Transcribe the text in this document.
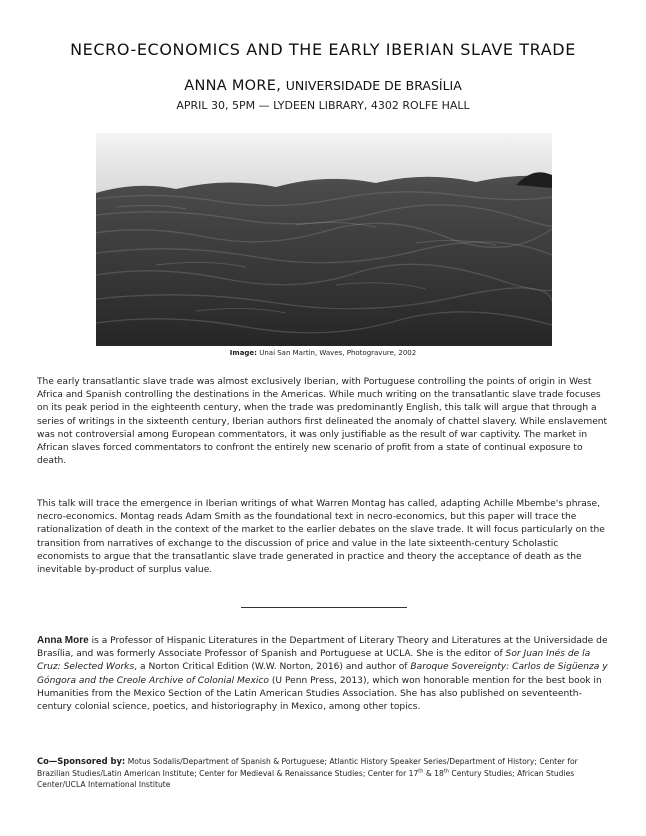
NECRO-ECONOMICS AND THE EARLY IBERIAN SLAVE TRADE
ANNA MORE, UNIVERSIDADE DE BRASÍLIA
APRIL 30, 5PM — LYDEEN LIBRARY, 4302 ROLFE HALL
Image: Unai San Martin, Waves, Photogravure, 2002

The early transatlantic slave trade was almost exclusively Iberian, with Portuguese controlling the points of origin in West Africa and Spanish controlling the destinations in the Americas. While much writing on the transatlantic slave trade focuses on its peak period in the eighteenth century, when the trade was predominantly English, this talk will argue that through a series of writings in the sixteenth century, Iberian authors first delineated the anomaly of chattel slavery. While enslavement was not controversial among European commentators, it was only justifiable as the result of war captivity. The market in African slaves forced commentators to confront the entirely new scenario of profit from a state of continual exposure to death.

This talk will trace the emergence in Iberian writings of what Warren Montag has called, adapting Achille Mbembe's phrase, necro-economics. Montag reads Adam Smith as the foundational text in necro-economics, but this paper will trace the rationalization of death in the context of the market to the earlier debates on the slave trade. It will focus particularly on the transition from narratives of exchange to the discussion of price and value in the late sixteenth-century Scholastic economists to argue that the transatlantic slave trade generated in practice and theory the acceptance of death as the inevitable by-product of surplus value.

Anna More is a Professor of Hispanic Literatures in the Department of Literary Theory and Literatures at the Universidade de Brasília, and was formerly Associate Professor of Spanish and Portuguese at UCLA. She is the editor of Sor Juan Inés de la Cruz: Selected Works, a Norton Critical Edition (W.W. Norton, 2016) and author of Baroque Sovereignty: Carlos de Sigüenza y Góngora and the Creole Archive of Colonial Mexico (U Penn Press, 2013), which won honorable mention for the best book in Humanities from the Mexico Section of the Latin American Studies Association. She has also published on seventeenth-century colonial science, poetics, and historiography in Mexico, among other topics.

Co—Sponsored by: Motus Sodalis/Department of Spanish & Portuguese; Atlantic History Speaker Series/Department of History; Center for Brazilian Studies/Latin American Institute; Center for Medieval & Renaissance Studies; Center for 17th & 18th Century Studies; African Studies Center/UCLA International Institute
